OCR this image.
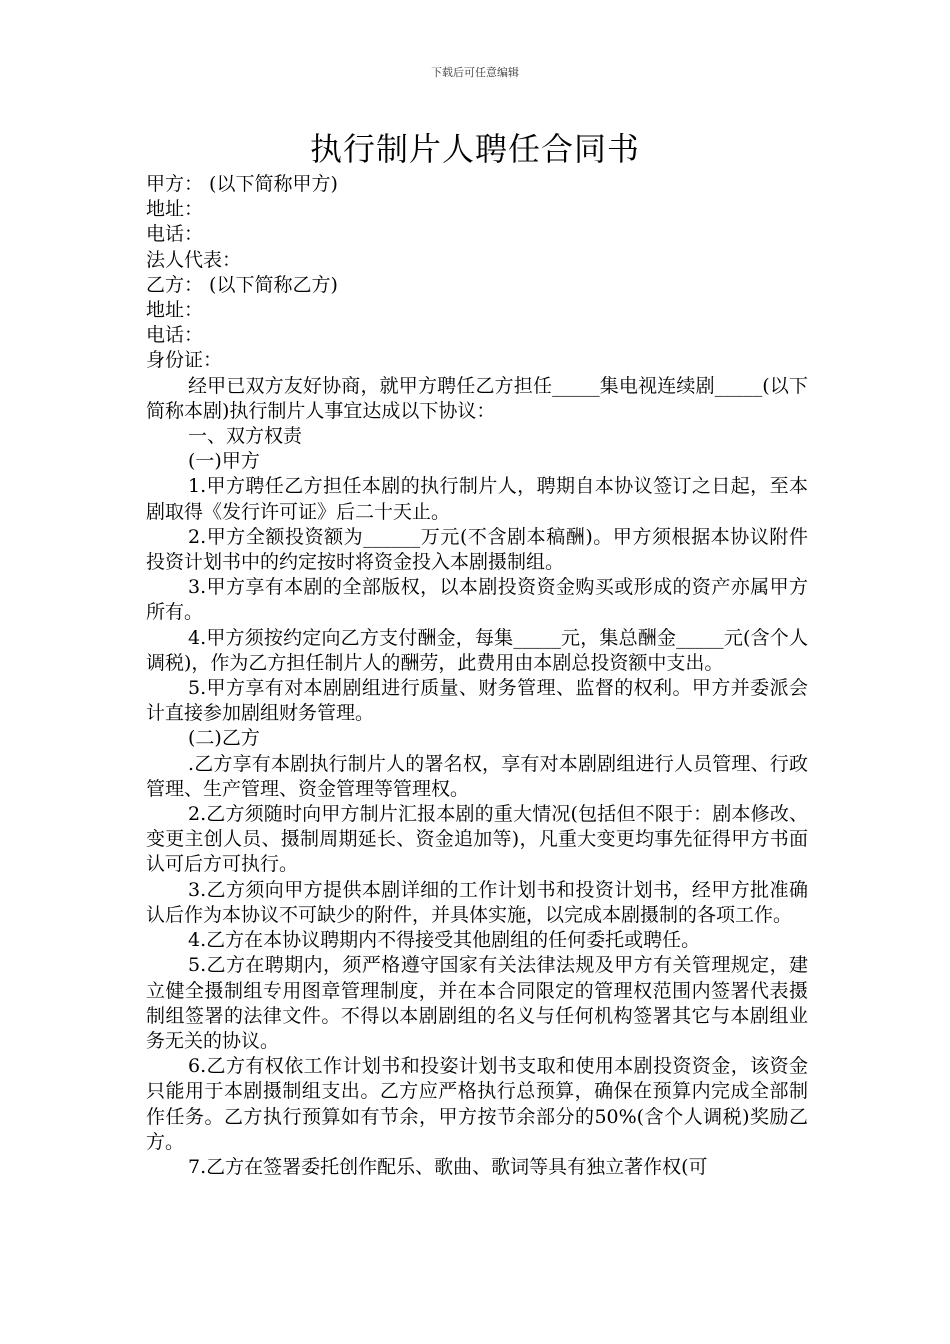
下载后可任意编辑
执行制片人聘任合同书

甲方： (以下简称甲方)

地址：

电话：

法人代表：

乙方： (以下简称乙方)

地址：

电话：

身份证：

经甲已双方友好协商，就甲方聘任乙方担任_____集电视连续剧_____(以下简称本剧)执行制片人事宜达成以下协议：

一、双方权责

(一)甲方

1.甲方聘任乙方担任本剧的执行制片人，聘期自本协议签订之日起，至本剧取得《发行许可证》后二十天止。

2.甲方全额投资额为______万元(不含剧本稿酬)。甲方须根据本协议附件投资计划书中的约定按时将资金投入本剧摄制组。

3.甲方享有本剧的全部版权，以本剧投资资金购买或形成的资产亦属甲方所有。

4.甲方须按约定向乙方支付酬金，每集_____元，集总酬金_____元(含个人调税)，作为乙方担任制片人的酬劳，此费用由本剧总投资额中支出。

5.甲方享有对本剧剧组进行质量、财务管理、监督的权利。甲方并委派会计直接参加剧组财务管理。

(二)乙方

.乙方享有本剧执行制片人的署名权，享有对本剧剧组进行人员管理、行政管理、生产管理、资金管理等管理权。

2.乙方须随时向甲方制片汇报本剧的重大情况(包括但不限于：剧本修改、变更主创人员、摄制周期延长、资金追加等)，凡重大变更均事先征得甲方书面认可后方可执行。

3.乙方须向甲方提供本剧详细的工作计划书和投资计划书，经甲方批准确认后作为本协议不可缺少的附件，并具体实施，以完成本剧摄制的各项工作。

4.乙方在本协议聘期内不得接受其他剧组的任何委托或聘任。

5.乙方在聘期内，须严格遵守国家有关法律法规及甲方有关管理规定，建立健全摄制组专用图章管理制度，并在本合同限定的管理权范围内签署代表摄制组签署的法律文件。不得以本剧剧组的名义与任何机构签署其它与本剧组业务无关的协议。

6.乙方有权依工作计划书和投姿计划书支取和使用本剧投资资金，该资金只能用于本剧摄制组支出。乙方应严格执行总预算，确保在预算内完成全部制作任务。乙方执行预算如有节余，甲方按节余部分的50%(含个人调税)奖励乙方。

7.乙方在签署委托创作配乐、歌曲、歌词等具有独立著作权(可
